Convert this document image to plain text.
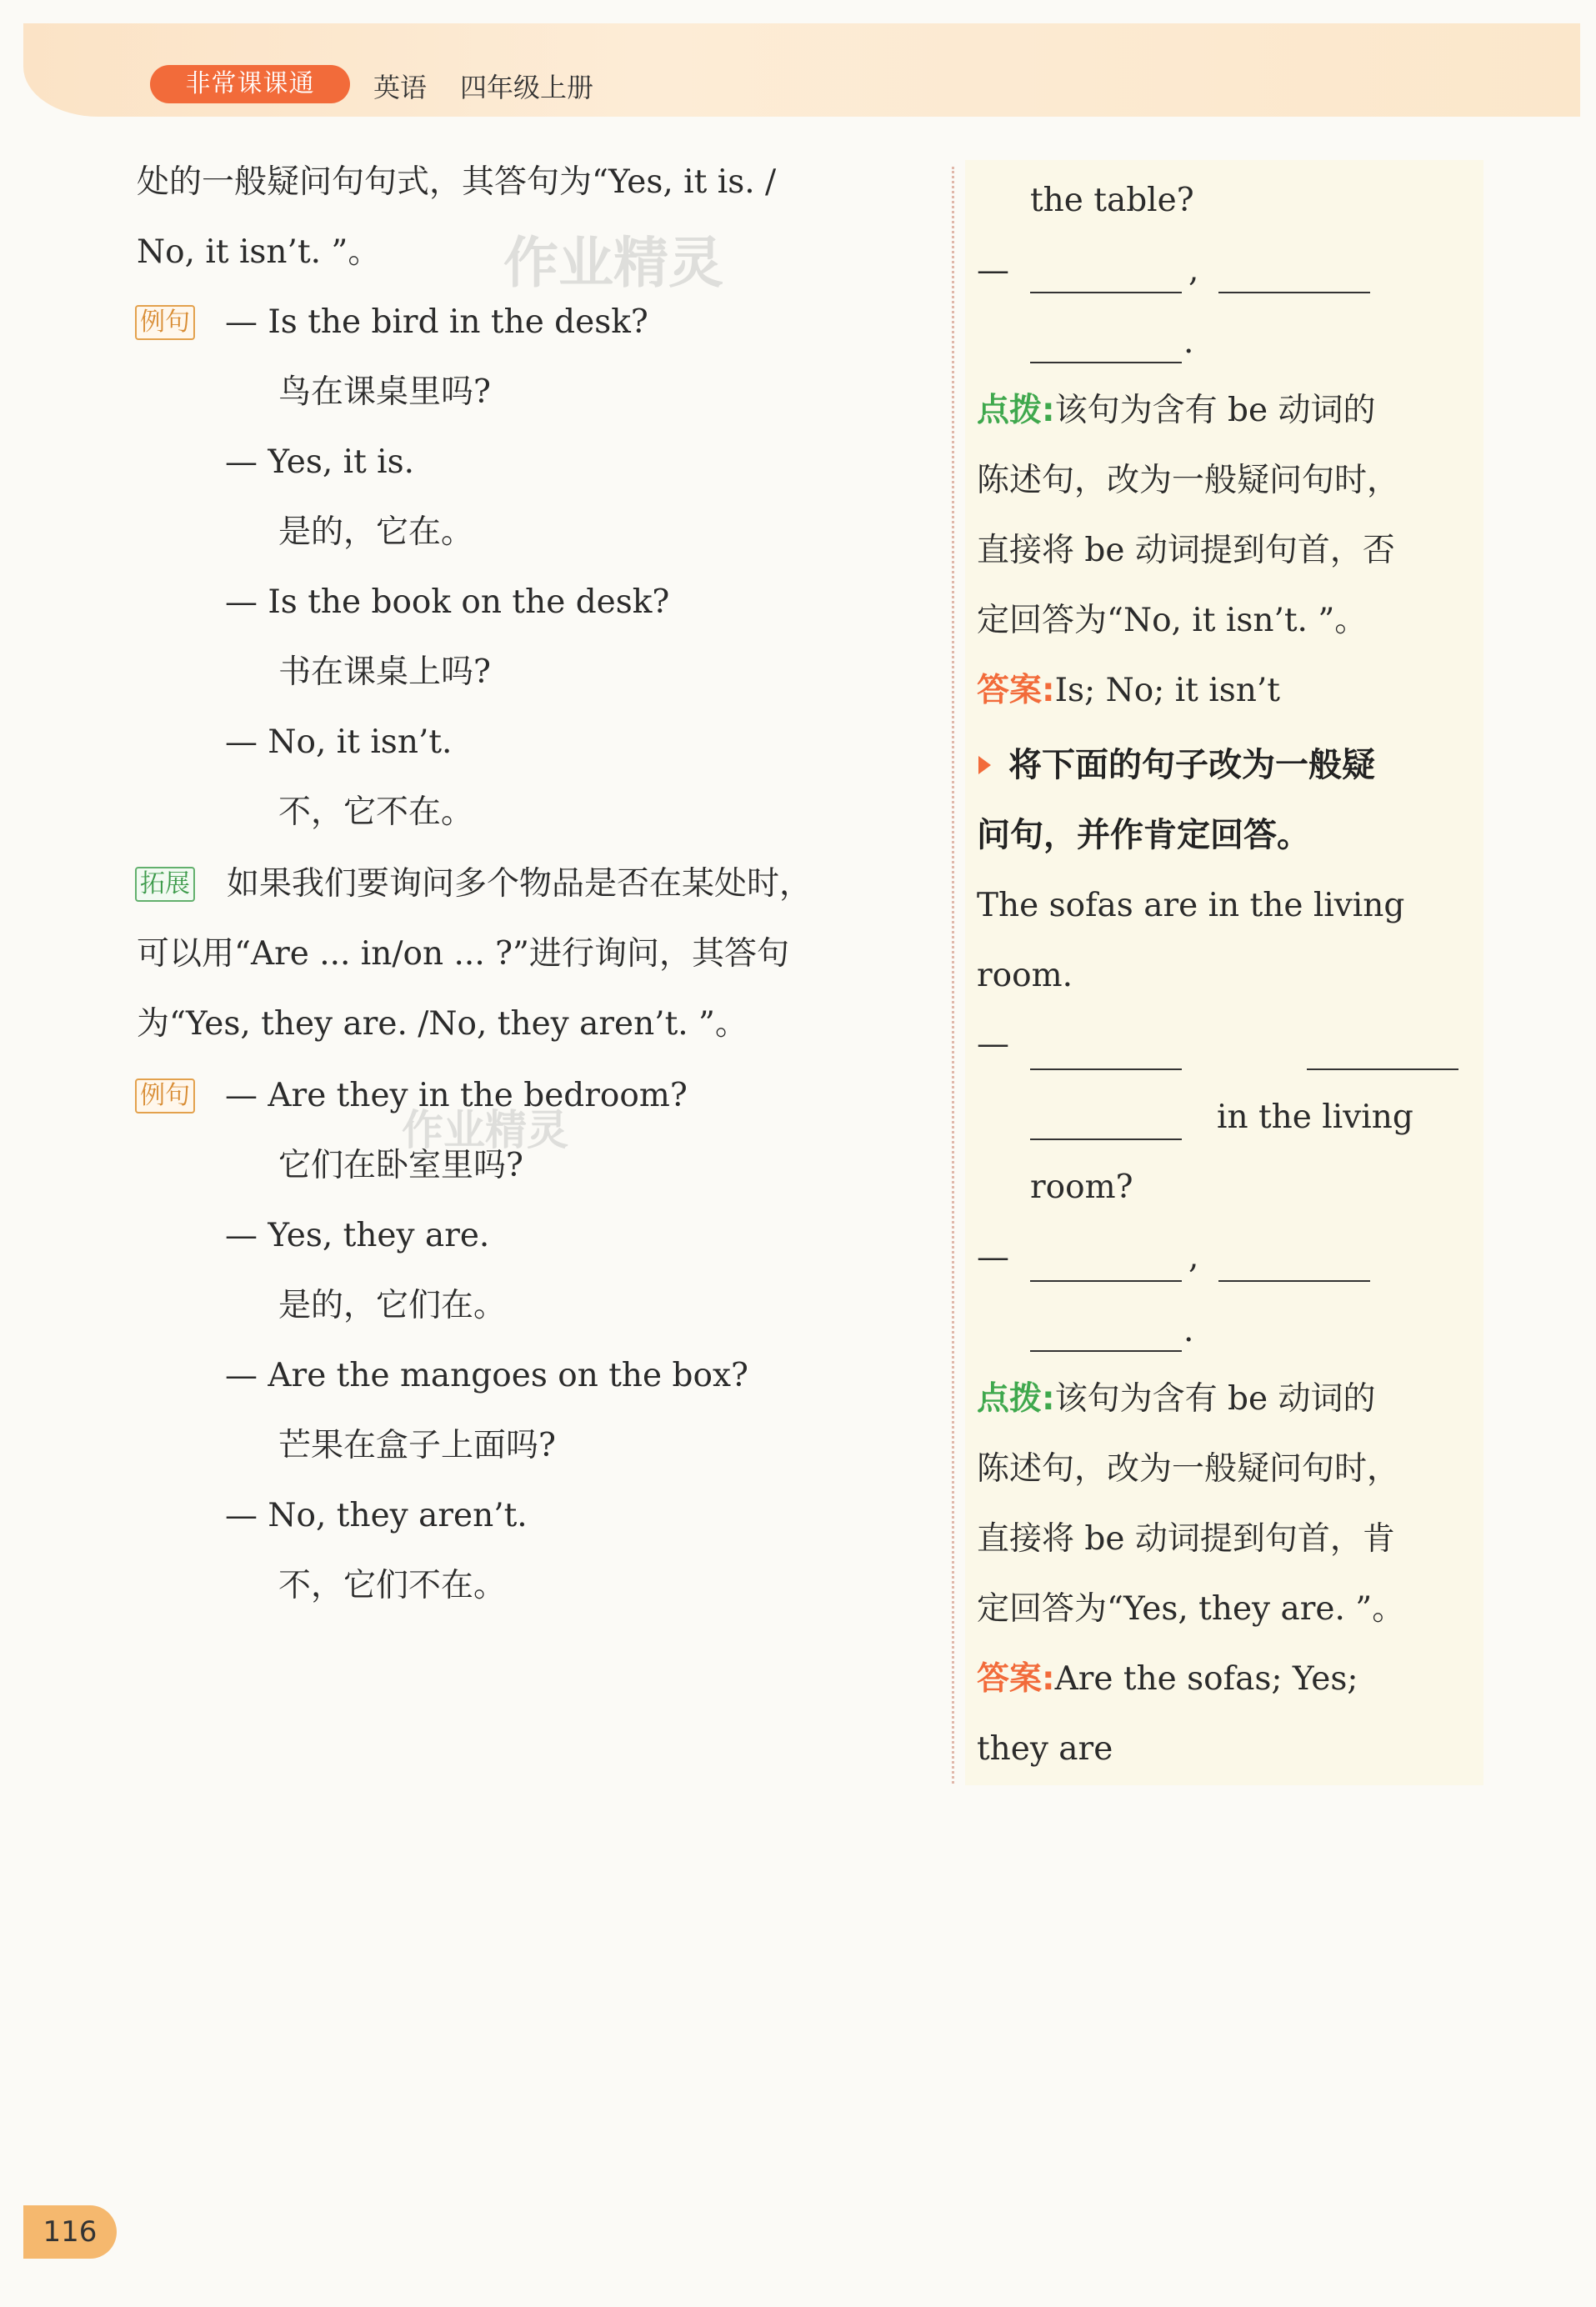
非常课课通	英语 四年级上册
处的一般疑问句句式，其答句为“Yes, it is. /
No, it isn’t. ”。
例句 — Is the bird in the desk?
鸟在课桌里吗?
— Yes, it is.
是的，它在。
— Is the book on the desk?
书在课桌上吗?
— No, it isn’t.
不，它不在。
拓展 如果我们要询问多个物品是否在某处时，
可以用“Are ... in/on ... ?”进行询问，其答句
为“Yes, they are. /No, they aren’t. ”。
例句 — Are they in the bedroom?
它们在卧室里吗?
— Yes, they are.
是的，它们在。
— Are the mangoes on the box?
芒果在盒子上面吗?
— No, they aren’t.
不，它们不在。
the table?
—	,
.
点拨:该句为含有 be 动词的
陈述句，改为一般疑问句时，
直接将 be 动词提到句首，否
定回答为“No, it isn’t. ”。
答案:Is; No; it isn’t
将下面的句子改为一般疑
问句，并作肯定回答。
The sofas are in the living
room.
—
in the living
room?
—	,
.
点拨:该句为含有 be 动词的
陈述句，改为一般疑问句时，
直接将 be 动词提到句首，肯
定回答为“Yes, they are. ”。
答案:Are the sofas; Yes;
they are
作业精灵
作业精灵
116
